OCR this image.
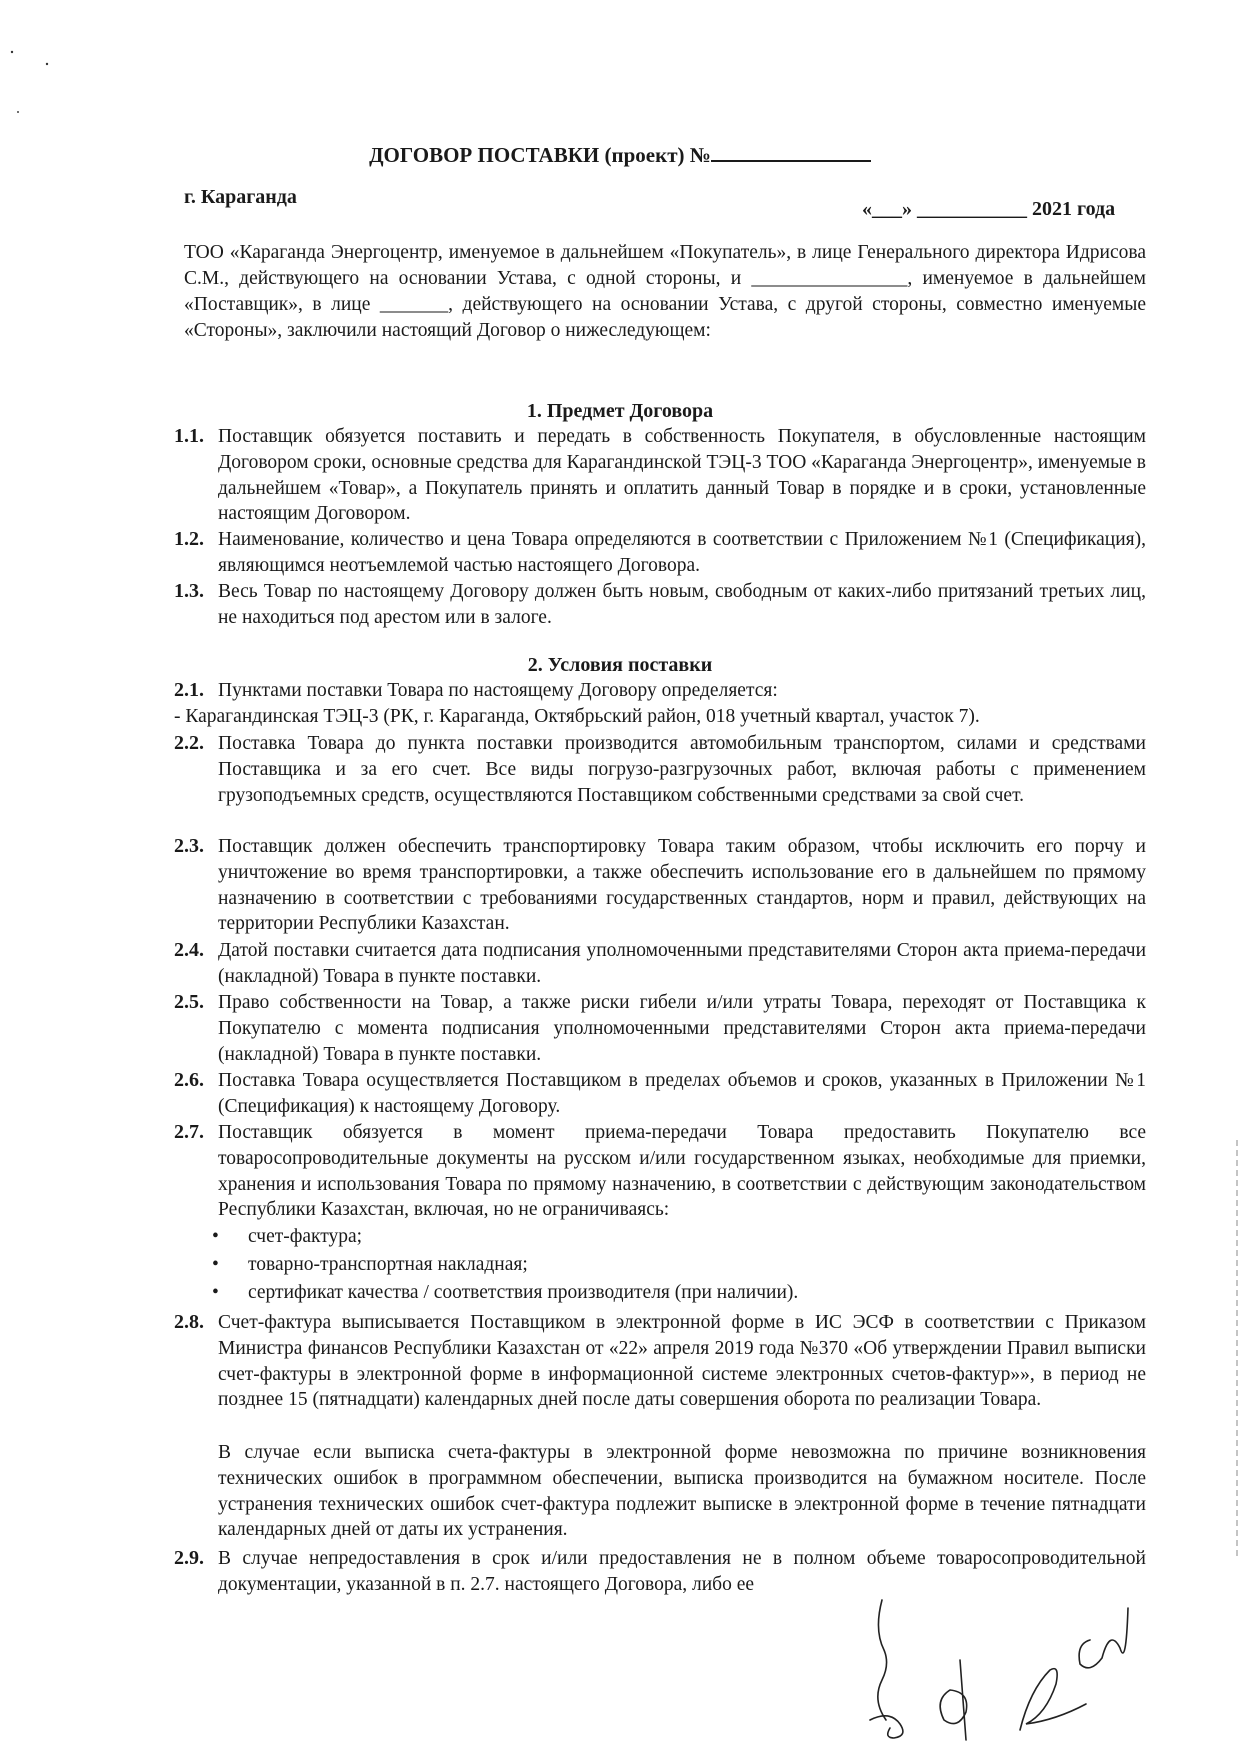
ДОГОВОР ПОСТАВКИ (проект) №
г. Караганда
«___» ___________ 2021 года
ТОО «Караганда Энергоцентр, именуемое в дальнейшем «Покупатель», в лице Генерального директора Идрисова С.М., действующего на основании Устава, с одной стороны, и ________________, именуемое в дальнейшем «Поставщик», в лице _______, действующего на основании Устава, с другой стороны, совместно именуемые «Стороны», заключили настоящий Договор о нижеследующем:
1. Предмет Договора
1.1. Поставщик обязуется поставить и передать в собственность Покупателя, в обусловленные настоящим Договором сроки, основные средства для Карагандинской ТЭЦ-3 ТОО «Караганда Энергоцентр», именуемые в дальнейшем «Товар», а Покупатель принять и оплатить данный Товар в порядке и в сроки, установленные настоящим Договором.
1.2. Наименование, количество и цена Товара определяются в соответствии с Приложением №1 (Спецификация), являющимся неотъемлемой частью настоящего Договора.
1.3. Весь Товар по настоящему Договору должен быть новым, свободным от каких-либо притязаний третьих лиц, не находиться под арестом или в залоге.
2. Условия поставки
2.1. Пунктами поставки Товара по настоящему Договору определяется:
- Карагандинская ТЭЦ-3 (РК, г. Караганда, Октябрьский район, 018 учетный квартал, участок 7).
2.2. Поставка Товара до пункта поставки производится автомобильным транспортом, силами и средствами Поставщика и за его счет. Все виды погрузо-разгрузочных работ, включая работы с применением грузоподъемных средств, осуществляются Поставщиком собственными средствами за свой счет.
2.3. Поставщик должен обеспечить транспортировку Товара таким образом, чтобы исключить его порчу и уничтожение во время транспортировки, а также обеспечить использование его в дальнейшем по прямому назначению в соответствии с требованиями государственных стандартов, норм и правил, действующих на территории Республики Казахстан.
2.4. Датой поставки считается дата подписания уполномоченными представителями Сторон акта приема-передачи (накладной) Товара в пункте поставки.
2.5. Право собственности на Товар, а также риски гибели и/или утраты Товара, переходят от Поставщика к Покупателю с момента подписания уполномоченными представителями Сторон акта приема-передачи (накладной) Товара в пункте поставки.
2.6. Поставка Товара осуществляется Поставщиком в пределах объемов и сроков, указанных в Приложении №1 (Спецификация) к настоящему Договору.
2.7. Поставщик обязуется в момент приема-передачи Товара предоставить Покупателю все товаросопроводительные документы на русском и/или государственном языках, необходимые для приемки, хранения и использования Товара по прямому назначению, в соответствии с действующим законодательством Республики Казахстан, включая, но не ограничиваясь:
• счет-фактура;
• товарно-транспортная накладная;
• сертификат качества / соответствия производителя (при наличии).
2.8. Счет-фактура выписывается Поставщиком в электронной форме в ИС ЭСФ в соответствии с Приказом Министра финансов Республики Казахстан от «22» апреля 2019 года №370 «Об утверждении Правил выписки счет-фактуры в электронной форме в информационной системе электронных счетов-фактур»», в период не позднее 15 (пятнадцати) календарных дней после даты совершения оборота по реализации Товара.
В случае если выписка счета-фактуры в электронной форме невозможна по причине возникновения технических ошибок в программном обеспечении, выписка производится на бумажном носителе. После устранения технических ошибок счет-фактура подлежит выписке в электронной форме в течение пятнадцати календарных дней от даты их устранения.
2.9. В случае непредоставления в срок и/или предоставления не в полном объеме товаросопроводительной документации, указанной в п. 2.7. настоящего Договора, либо ее
